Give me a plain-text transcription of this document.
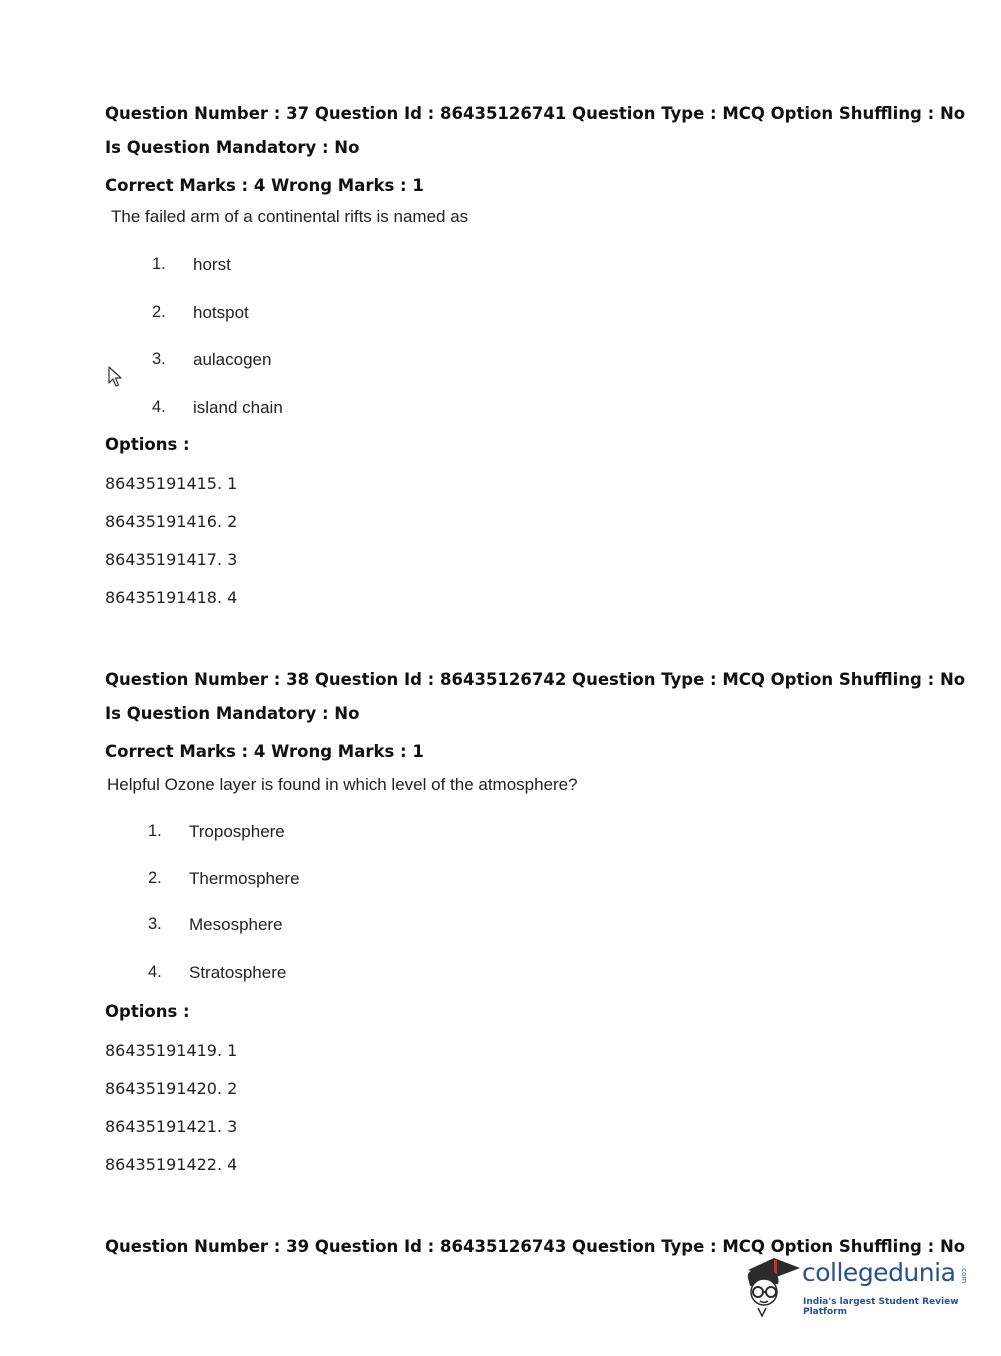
Question Number : 37 Question Id : 86435126741 Question Type : MCQ Option Shuffling : No
Is Question Mandatory : No
Correct Marks : 4 Wrong Marks : 1
The failed arm of a continental rifts is named as
1. horst
2. hotspot
3. aulacogen
4. island chain
Options :
86435191415. 1
86435191416. 2
86435191417. 3
86435191418. 4
Question Number : 38 Question Id : 86435126742 Question Type : MCQ Option Shuffling : No
Is Question Mandatory : No
Correct Marks : 4 Wrong Marks : 1
Helpful Ozone layer is found in which level of the atmosphere?
1. Troposphere
2. Thermosphere
3. Mesosphere
4. Stratosphere
Options :
86435191419. 1
86435191420. 2
86435191421. 3
86435191422. 4
Question Number : 39 Question Id : 86435126743 Question Type : MCQ Option Shuffling : No
collegedunia .com
India's largest Student Review Platform
